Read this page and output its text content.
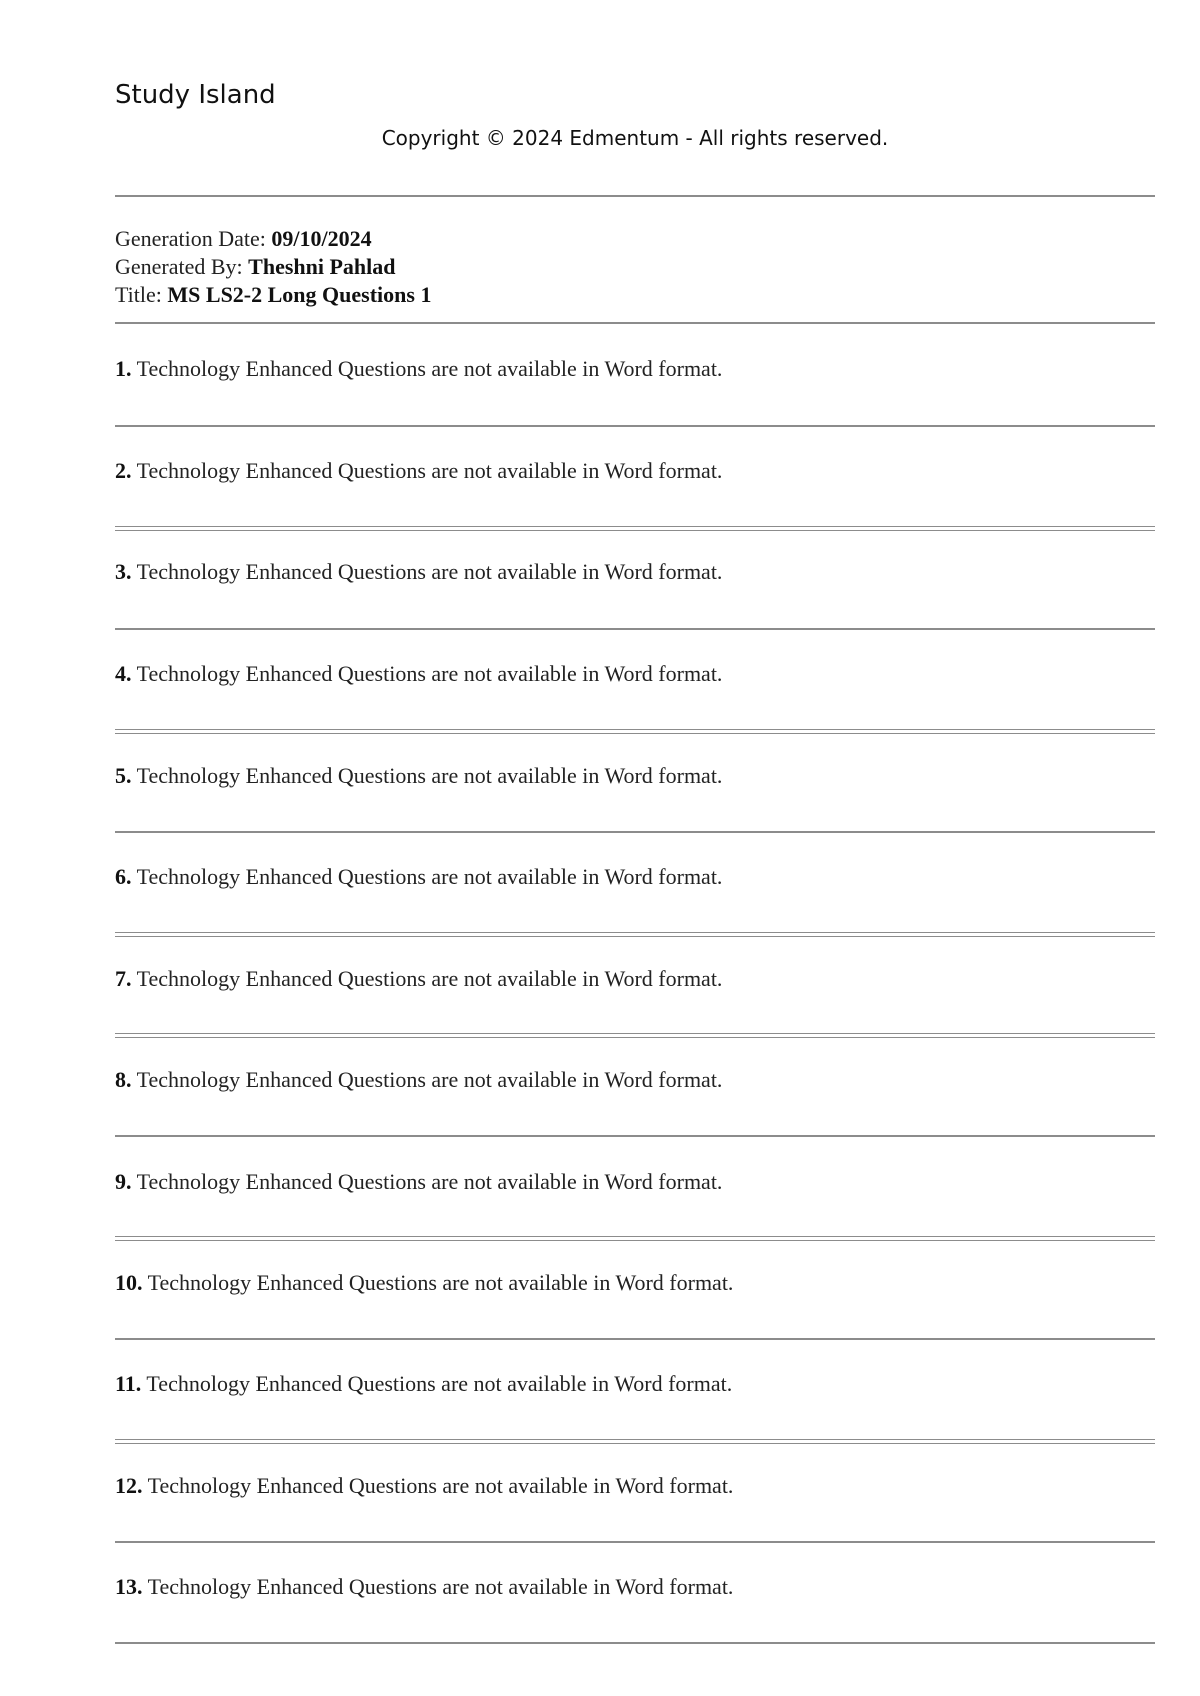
Study Island
Copyright © 2024 Edmentum - All rights reserved.
Generation Date: 09/10/2024
Generated By: Theshni Pahlad
Title: MS LS2-2 Long Questions 1
1. Technology Enhanced Questions are not available in Word format.
2. Technology Enhanced Questions are not available in Word format.
3. Technology Enhanced Questions are not available in Word format.
4. Technology Enhanced Questions are not available in Word format.
5. Technology Enhanced Questions are not available in Word format.
6. Technology Enhanced Questions are not available in Word format.
7. Technology Enhanced Questions are not available in Word format.
8. Technology Enhanced Questions are not available in Word format.
9. Technology Enhanced Questions are not available in Word format.
10. Technology Enhanced Questions are not available in Word format.
11. Technology Enhanced Questions are not available in Word format.
12. Technology Enhanced Questions are not available in Word format.
13. Technology Enhanced Questions are not available in Word format.
